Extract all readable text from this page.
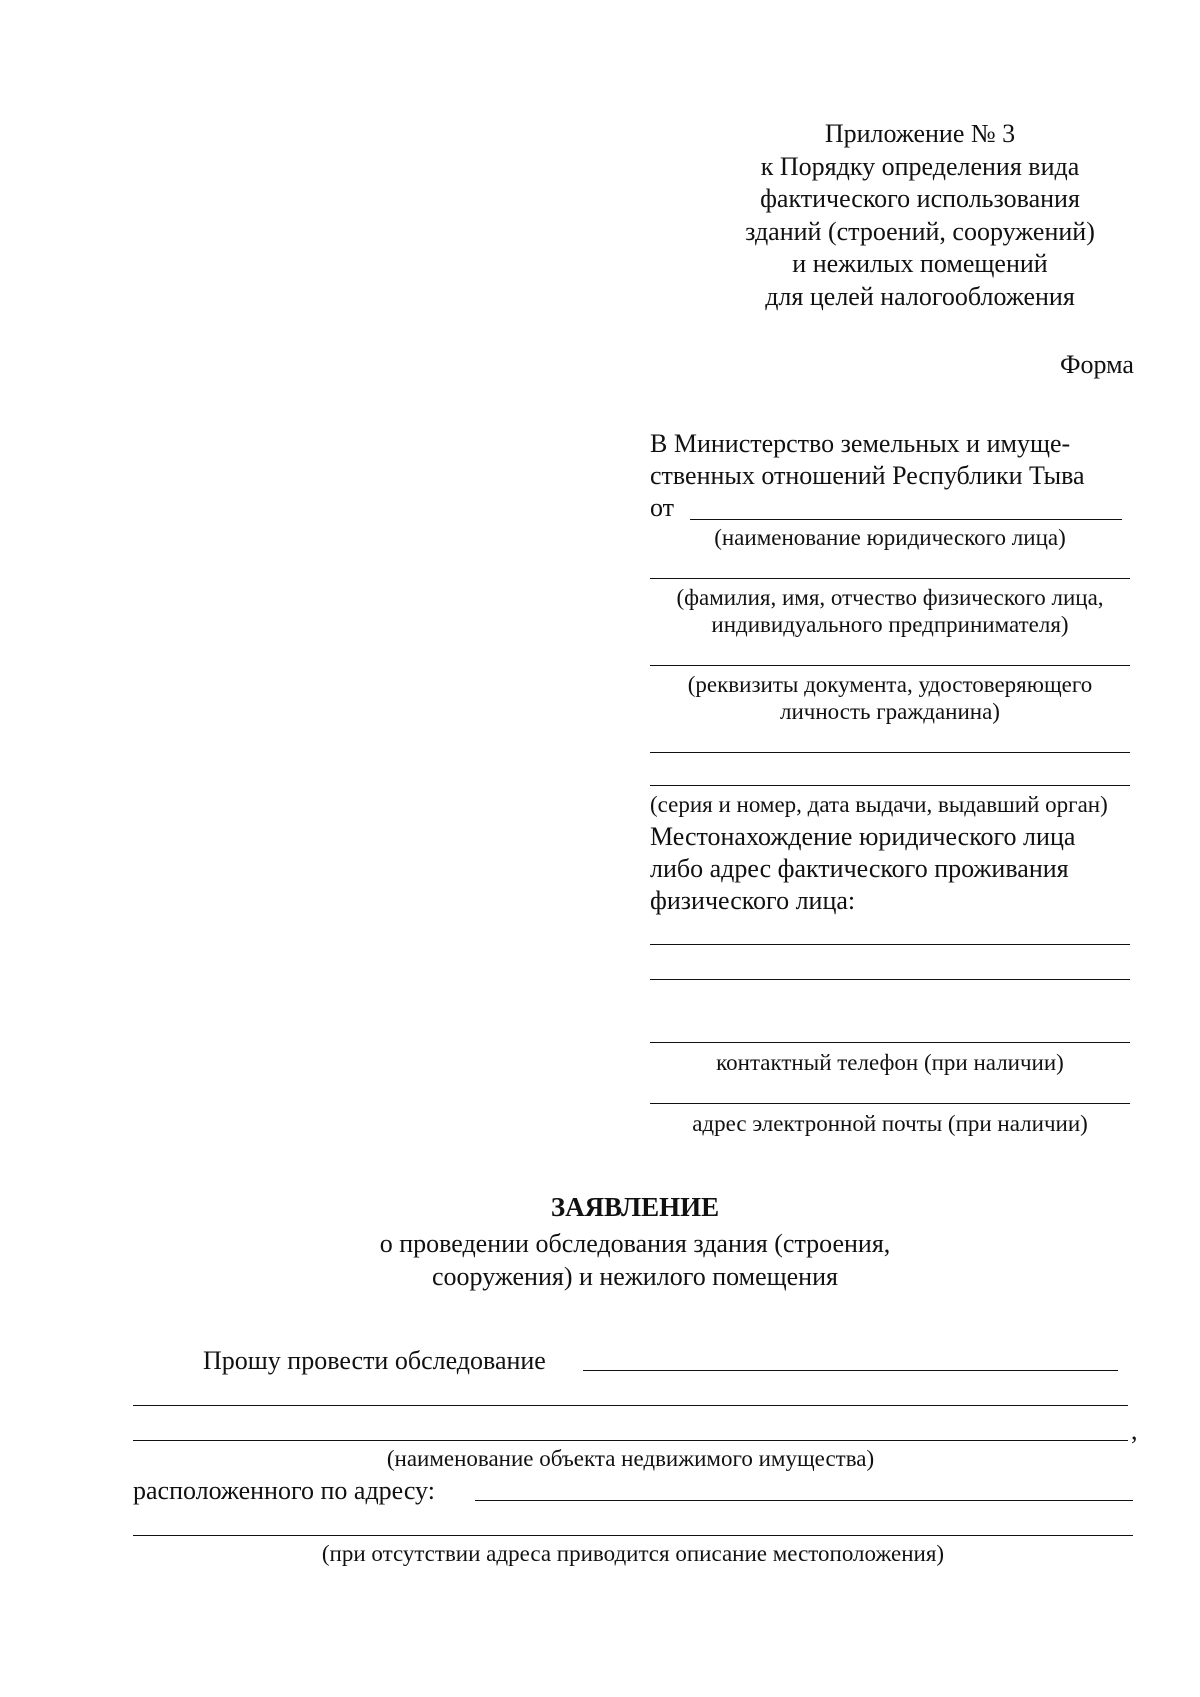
Приложение № 3
к Порядку определения вида
фактического использования
зданий (строений, сооружений)
и нежилых помещений
для целей налогообложения
Форма
В Министерство земельных и имуще-
ственных отношений Республики Тыва
от
(наименование юридического лица)
(фамилия, имя, отчество физического лица,
индивидуального предпринимателя)
(реквизиты документа, удостоверяющего
личность гражданина)
(серия и номер, дата выдачи, выдавший орган)
Местонахождение юридического лица
либо адрес фактического проживания
физического лица:
контактный телефон (при наличии)
адрес электронной почты (при наличии)
ЗАЯВЛЕНИЕ
о проведении обследования здания (строения,
сооружения) и нежилого помещения
Прошу провести обследование
,
(наименование объекта недвижимого имущества)
расположенного по адресу:
(при отсутствии адреса приводится описание местоположения)
